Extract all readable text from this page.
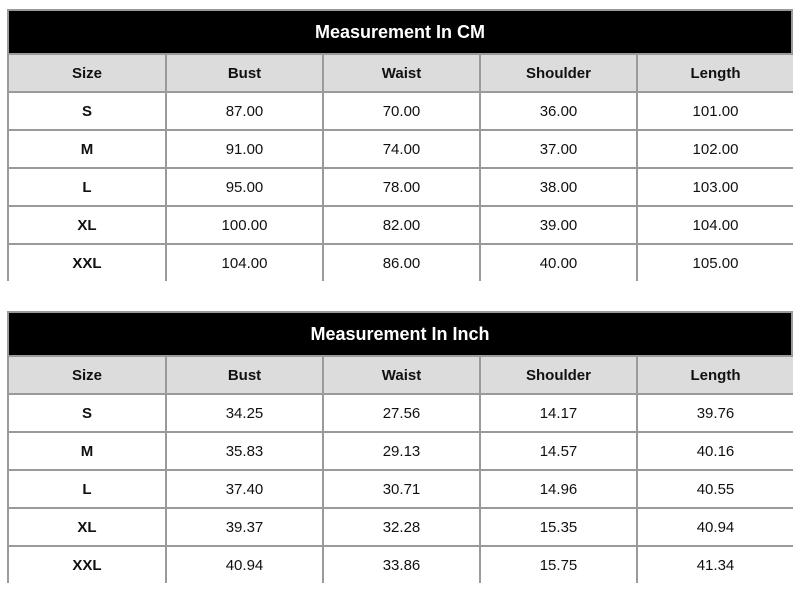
Measurement In CM
Size	Bust	Waist	Shoulder	Length
S	87.00	70.00	36.00	101.00
M	91.00	74.00	37.00	102.00
L	95.00	78.00	38.00	103.00
XL	100.00	82.00	39.00	104.00
XXL	104.00	86.00	40.00	105.00
Measurement In Inch
Size	Bust	Waist	Shoulder	Length
S	34.25	27.56	14.17	39.76
M	35.83	29.13	14.57	40.16
L	37.40	30.71	14.96	40.55
XL	39.37	32.28	15.35	40.94
XXL	40.94	33.86	15.75	41.34
